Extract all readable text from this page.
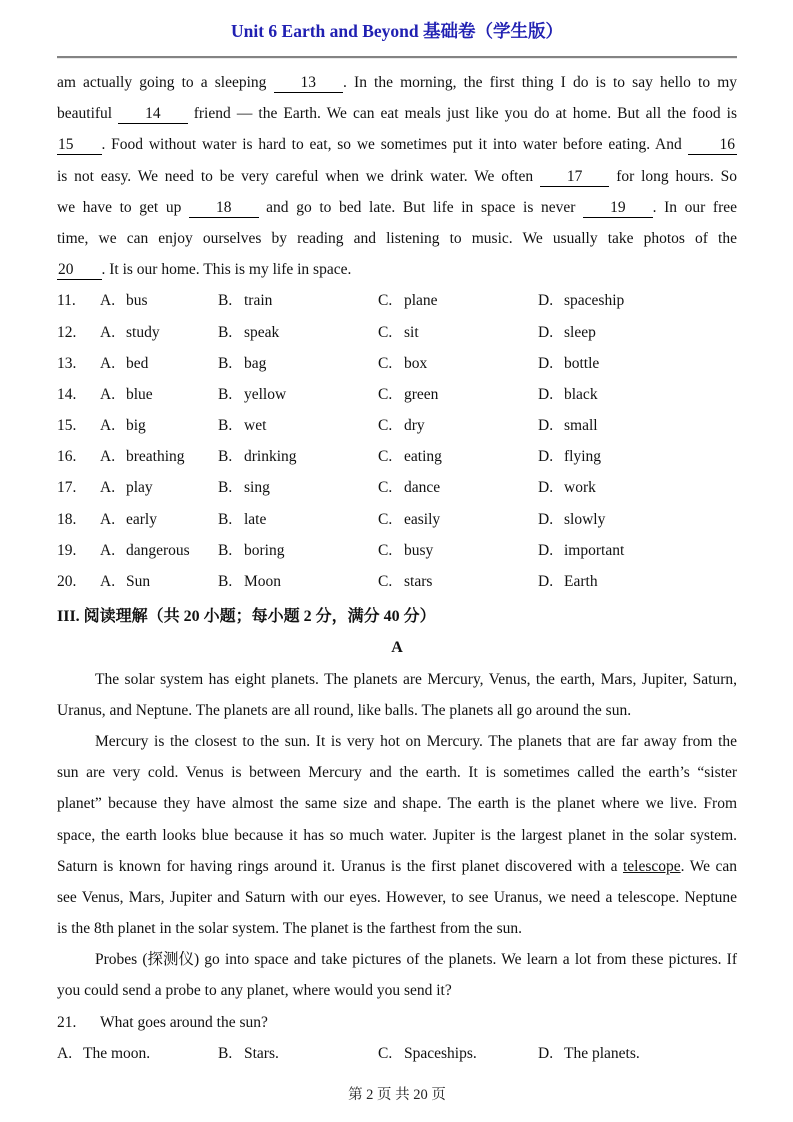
Unit 6 Earth and Beyond 基础卷（学生版）
am actually going to a sleeping 13 . In the morning, the first thing I do is to say hello to my
beautiful 14 friend — the Earth. We can eat meals just like you do at home. But all the food is
15 . Food without water is hard to eat, so we sometimes put it into water before eating. And 16
is not easy. We need to be very careful when we drink water. We often 17 for long hours. So
we have to get up 18 and go to bed late. But life in space is never 19 . In our free
time, we can enjoy ourselves by reading and listening to music. We usually take photos of the
20 . It is our home. This is my life in space.
11. A. bus	B. train	C. plane	D. spaceship
12. A. study	B. speak	C. sit	D. sleep
13. A. bed	B. bag	C. box	D. bottle
14. A. blue	B. yellow	C. green	D. black
15. A. big	B. wet	C. dry	D. small
16. A. breathing	B. drinking	C. eating	D. flying
17. A. play	B. sing	C. dance	D. work
18. A. early	B. late	C. easily	D. slowly
19. A. dangerous	B. boring	C. busy	D. important
20. A. Sun	B. Moon	C. stars	D. Earth
III. 阅读理解（共 20 小题；每小题 2 分，满分 40 分）
A
The solar system has eight planets. The planets are Mercury, Venus, the earth, Mars, Jupiter, Saturn,
Uranus, and Neptune. The planets are all round, like balls. The planets all go around the sun.
Mercury is the closest to the sun. It is very hot on Mercury. The planets that are far away from the
sun are very cold. Venus is between Mercury and the earth. It is sometimes called the earth’s “sister
planet” because they have almost the same size and shape. The earth is the planet where we live. From
space, the earth looks blue because it has so much water. Jupiter is the largest planet in the solar system.
Saturn is known for having rings around it. Uranus is the first planet discovered with a telescope. We can
see Venus, Mars, Jupiter and Saturn with our eyes. However, to see Uranus, we need a telescope. Neptune
is the 8th planet in the solar system. The planet is the farthest from the sun.
Probes (探测仪) go into space and take pictures of the planets. We learn a lot from these pictures. If
you could send a probe to any planet, where would you send it?
21. What goes around the sun?
A. The moon.	B. Stars.	C. Spaceships.	D. The planets.
第 2 页 共 20 页
